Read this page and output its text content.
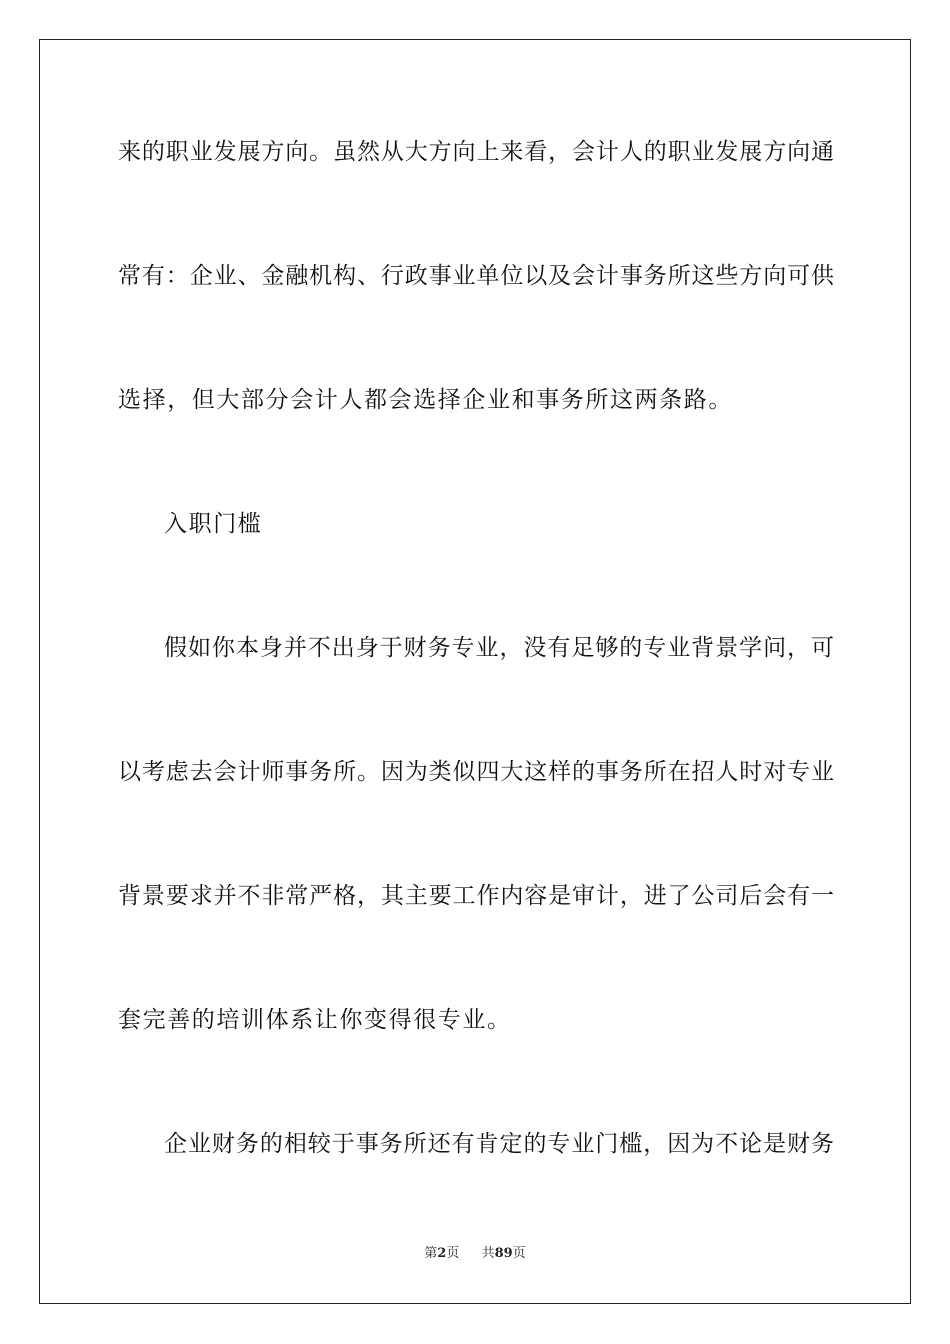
来的职业发展方向。虽然从大方向上来看，会计人的职业发展方向通
常有：企业、金融机构、行政事业单位以及会计事务所这些方向可供
选择，但大部分会计人都会选择企业和事务所这两条路。
入职门槛
假如你本身并不出身于财务专业，没有足够的专业背景学问，可
以考虑去会计师事务所。因为类似四大这样的事务所在招人时对专业
背景要求并不非常严格，其主要工作内容是审计，进了公司后会有一
套完善的培训体系让你变得很专业。
企业财务的相较于事务所还有肯定的专业门槛，因为不论是财务
第2页 共89页
